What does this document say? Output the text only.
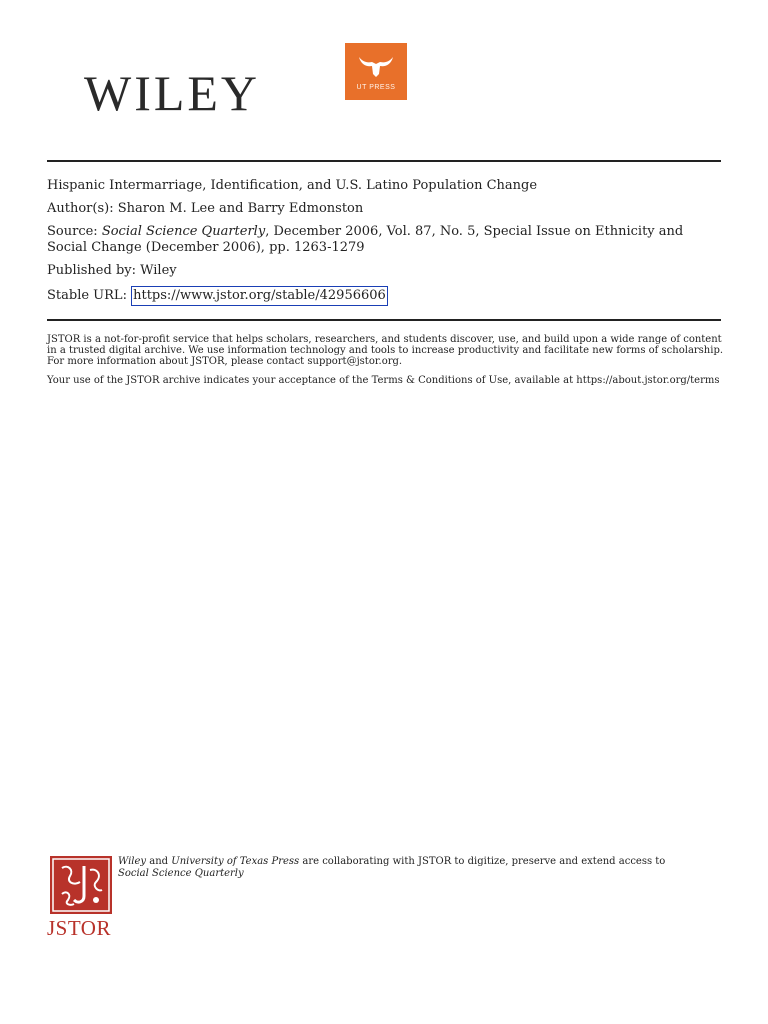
WILEY	UT PRESS
Hispanic Intermarriage, Identification, and U.S. Latino Population Change
Author(s): Sharon M. Lee and Barry Edmonston
Source: Social Science Quarterly, December 2006, Vol. 87, No. 5, Special Issue on Ethnicity and Social Change (December 2006), pp. 1263-1279
Published by: Wiley
Stable URL: https://www.jstor.org/stable/42956606

JSTOR is a not-for-profit service that helps scholars, researchers, and students discover, use, and build upon a wide range of content in a trusted digital archive. We use information technology and tools to increase productivity and facilitate new forms of scholarship. For more information about JSTOR, please contact support@jstor.org.

Your use of the JSTOR archive indicates your acceptance of the Terms & Conditions of Use, available at https://about.jstor.org/terms

JSTOR
Wiley and University of Texas Press are collaborating with JSTOR to digitize, preserve and extend access to Social Science Quarterly
